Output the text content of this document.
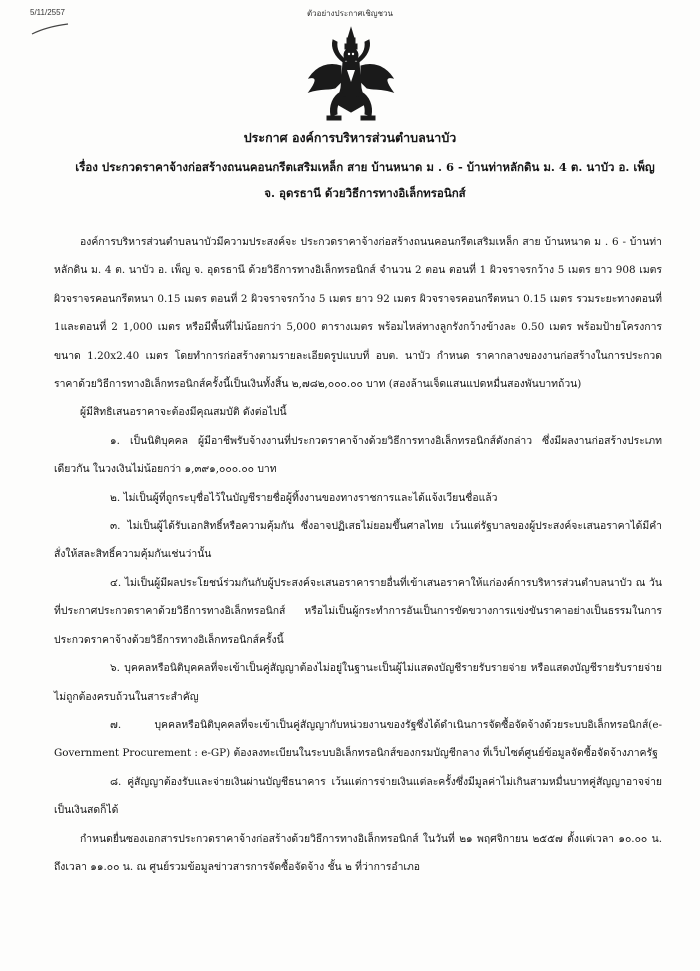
5/11/2557	ตัวอย่างประกาศเชิญชวน
ประกาศ องค์การบริหารส่วนตำบลนาบัว
เรื่อง ประกวดราคาจ้างก่อสร้างถนนคอนกรีตเสริมเหล็ก สาย บ้านหนาด ม . 6 - บ้านท่าหลักดิน ม. 4 ต. นาบัว อ. เพ็ญ จ. อุดรธานี ด้วยวิธีการทางอิเล็กทรอนิกส์

องค์การบริหารส่วนตำบลนาบัวมีความประสงค์จะ ประกวดราคาจ้างก่อสร้างถนนคอนกรีตเสริมเหล็ก สาย บ้านหนาด ม . 6 - บ้านท่าหลักดิน ม. 4 ต. นาบัว อ. เพ็ญ จ. อุดรธานี ด้วยวิธีการทางอิเล็กทรอนิกส์ จำนวน 2 ตอน ตอนที่ 1 ผิวจราจรกว้าง 5 เมตร ยาว 908 เมตร ผิวจราจรคอนกรีตหนา 0.15 เมตร ตอนที่ 2 ผิวจราจรกว้าง 5 เมตร ยาว 92 เมตร ผิวจราจรคอนกรีตหนา 0.15 เมตร รวมระยะทางตอนที่ 1และตอนที่ 2 1,000 เมตร หรือมีพื้นที่ไม่น้อยกว่า 5,000 ตารางเมตร พร้อมไหล่ทางลูกรังกว้างข้างละ 0.50 เมตร พร้อมป้ายโครงการขนาด 1.20x2.40 เมตร โดยทำการก่อสร้างตามรายละเอียดรูปแบบที่ อบต. นาบัว กำหนด ราคากลางของงานก่อสร้างในการประกวดราคาด้วยวิธีการทางอิเล็กทรอนิกส์ครั้งนี้เป็นเงินทั้งสิ้น ๒,๗๘๒,๐๐๐.๐๐ บาท (สองล้านเจ็ดแสนแปดหมื่นสองพันบาทถ้วน)

ผู้มีสิทธิเสนอราคาจะต้องมีคุณสมบัติ ดังต่อไปนี้

๑. เป็นนิติบุคคล ผู้มีอาชีพรับจ้างงานที่ประกวดราคาจ้างด้วยวิธีการทางอิเล็กทรอนิกส์ดังกล่าว ซึ่งมีผลงานก่อสร้างประเภทเดียวกัน ในวงเงินไม่น้อยกว่า ๑,๓๙๑,๐๐๐.๐๐ บาท

๒. ไม่เป็นผู้ที่ถูกระบุชื่อไว้ในบัญชีรายชื่อผู้ทิ้งงานของทางราชการและได้แจ้งเวียนชื่อแล้ว

๓. ไม่เป็นผู้ได้รับเอกสิทธิ์หรือความคุ้มกัน ซึ่งอาจปฏิเสธไม่ยอมขึ้นศาลไทย เว้นแต่รัฐบาลของผู้ประสงค์จะเสนอราคาได้มีคำสั่งให้สละสิทธิ์ความคุ้มกันเช่นว่านั้น

๔. ไม่เป็นผู้มีผลประโยชน์ร่วมกันกับผู้ประสงค์จะเสนอราคารายอื่นที่เข้าเสนอราคาให้แก่องค์การบริหารส่วนตำบลนาบัว ณ วันที่ประกาศประกวดราคาด้วยวิธีการทางอิเล็กทรอนิกส์ หรือไม่เป็นผู้กระทำการอันเป็นการขัดขวางการแข่งขันราคาอย่างเป็นธรรมในการประกวดราคาจ้างด้วยวิธีการทางอิเล็กทรอนิกส์ครั้งนี้

๖. บุคคลหรือนิติบุคคลที่จะเข้าเป็นคู่สัญญาต้องไม่อยู่ในฐานะเป็นผู้ไม่แสดงบัญชีรายรับรายจ่าย หรือแสดงบัญชีรายรับรายจ่ายไม่ถูกต้องครบถ้วนในสาระสำคัญ

๗. บุคคลหรือนิติบุคคลที่จะเข้าเป็นคู่สัญญากับหน่วยงานของรัฐซึ่งได้ดำเนินการจัดซื้อจัดจ้างด้วยระบบอิเล็กทรอนิกส์(e-Government Procurement : e-GP) ต้องลงทะเบียนในระบบอิเล็กทรอนิกส์ของกรมบัญชีกลาง ที่เว็บไซต์ศูนย์ข้อมูลจัดซื้อจัดจ้างภาครัฐ

๘. คู่สัญญาต้องรับและจ่ายเงินผ่านบัญชีธนาคาร เว้นแต่การจ่ายเงินแต่ละครั้งซึ่งมีมูลค่าไม่เกินสามหมื่นบาทคู่สัญญาอาจจ่ายเป็นเงินสดก็ได้

กำหนดยื่นซองเอกสารประกวดราคาจ้างก่อสร้างด้วยวิธีการทางอิเล็กทรอนิกส์ ในวันที่ ๒๑ พฤศจิกายน ๒๕๕๗ ตั้งแต่เวลา ๑๐.๐๐ น. ถึงเวลา ๑๑.๐๐ น. ณ ศูนย์รวมข้อมูลข่าวสารการจัดซื้อจัดจ้าง ชั้น ๒ ที่ว่าการอำเภอ
